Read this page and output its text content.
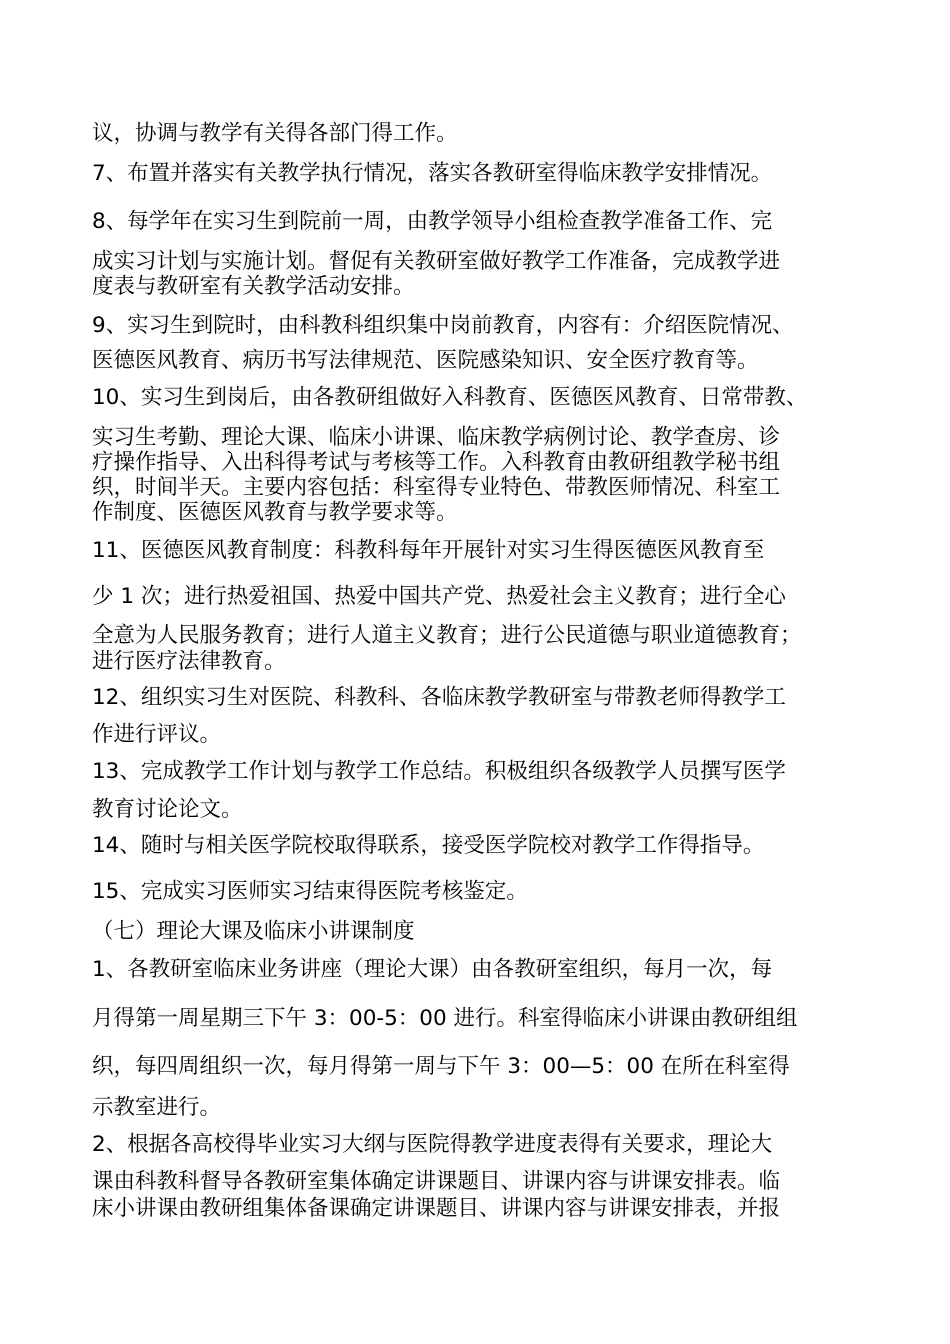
议，协调与教学有关得各部门得工作。

7、布置并落实有关教学执行情况，落实各教研室得临床教学安排情况。

8、每学年在实习生到院前一周，由教学领导小组检查教学准备工作、完

成实习计划与实施计划。督促有关教研室做好教学工作准备，完成教学进

度表与教研室有关教学活动安排。

9、实习生到院时，由科教科组织集中岗前教育，内容有：介绍医院情况、

医德医风教育、病历书写法律规范、医院感染知识、安全医疗教育等。

10、实习生到岗后，由各教研组做好入科教育、医德医风教育、日常带教、

实习生考勤、理论大课、临床小讲课、临床教学病例讨论、教学查房、诊

疗操作指导、入出科得考试与考核等工作。入科教育由教研组教学秘书组

织，时间半天。主要内容包括：科室得专业特色、带教医师情况、科室工

作制度、医德医风教育与教学要求等。

11、医德医风教育制度：科教科每年开展针对实习生得医德医风教育至

少 1 次；进行热爱祖国、热爱中国共产党、热爱社会主义教育；进行全心

全意为人民服务教育；进行人道主义教育；进行公民道德与职业道德教育；

进行医疗法律教育。

12、组织实习生对医院、科教科、各临床教学教研室与带教老师得教学工

作进行评议。

13、完成教学工作计划与教学工作总结。积极组织各级教学人员撰写医学

教育讨论论文。

14、随时与相关医学院校取得联系，接受医学院校对教学工作得指导。

15、完成实习医师实习结束得医院考核鉴定。

（七）理论大课及临床小讲课制度

1、各教研室临床业务讲座（理论大课）由各教研室组织，每月一次，每

月得第一周星期三下午 3：00-5：00 进行。科室得临床小讲课由教研组组

织，每四周组织一次，每月得第一周与下午 3：00—5：00 在所在科室得

示教室进行。

2、根据各高校得毕业实习大纲与医院得教学进度表得有关要求，理论大

课由科教科督导各教研室集体确定讲课题目、讲课内容与讲课安排表。临

床小讲课由教研组集体备课确定讲课题目、讲课内容与讲课安排表，并报
